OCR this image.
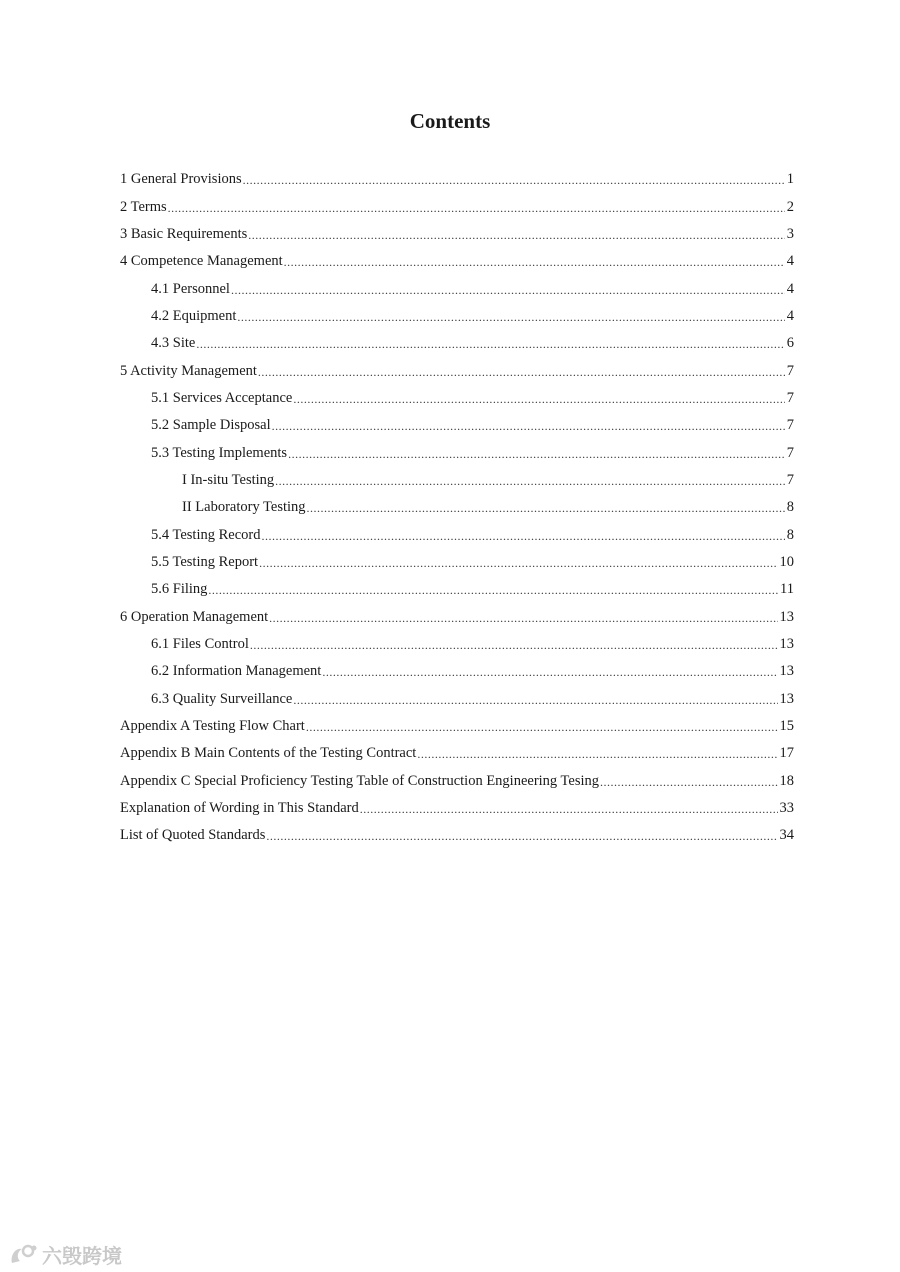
Contents
1 General Provisions .....	1
2 Terms .....	2
3 Basic Requirements .....	3
4 Competence Management .....	4
4.1 Personnel .....	4
4.2 Equipment .....	4
4.3 Site .....	6
5 Activity Management .....	7
5.1 Services Acceptance .....	7
5.2 Sample Disposal .....	7
5.3 Testing Implements .....	7
I In-situ Testing .....	7
II Laboratory Testing .....	8
5.4 Testing Record .....	8
5.5 Testing Report .....	10
5.6 Filing .....	11
6 Operation Management .....	13
6.1 Files Control .....	13
6.2 Information Management .....	13
6.3 Quality Surveillance .....	13
Appendix A Testing Flow Chart .....	15
Appendix B Main Contents of the Testing Contract .....	17
Appendix C Special Proficiency Testing Table of Construction Engineering Tesing .....	18
Explanation of Wording in This Standard .....	33
List of Quoted Standards .....	34
六毁跨境
